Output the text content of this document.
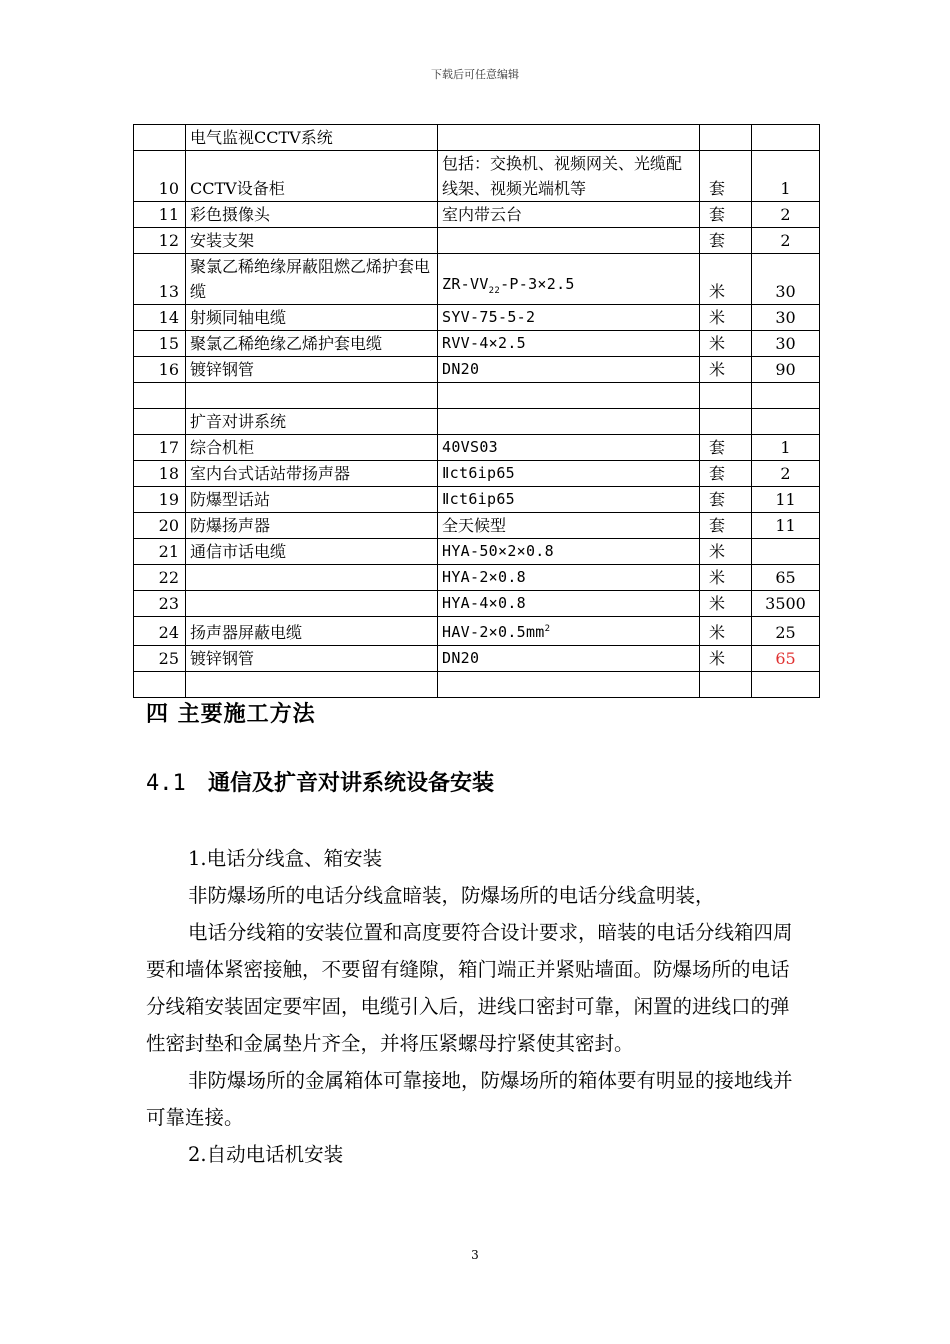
下载后可任意编辑
	电气监视CCTV系统			
10	CCTV设备柜	包括：交换机、视频网关、光缆配线架、视频光端机等	套	1
11	彩色摄像头	室内带云台	套	2
12	安装支架		套	2
13	聚氯乙稀绝缘屏蔽阻燃乙烯护套电缆	$ZR-VV_{22}-P-3\times 2.5$	米	30
14	射频同轴电缆	SYV-75-5-2	米	30
15	聚氯乙稀绝缘乙烯护套电缆	RVV-4×2.5	米	30
16	镀锌钢管	DN20	米	90

	扩音对讲系统			
17	综合机柜	40VS03	套	1
18	室内台式话站带扬声器	Ⅱct6ip65	套	2
19	防爆型话站	Ⅱct6ip65	套	11
20	防爆扬声器	全天候型	套	11
21	通信市话电缆	HYA-50×2×0.8	米	
22		HYA-2×0.8	米	65
23		HYA-4×0.8	米	3500
24	扬声器屏蔽电缆	HAV-$2\times 0.5mm^2$	米	25
25	镀锌钢管	DN20	米	65

四 主要施工方法
4.1 通信及扩音对讲系统设备安装

1.电话分线盒、箱安装

非防爆场所的电话分线盒暗装，防爆场所的电话分线盒明装，

电话分线箱的安装位置和高度要符合设计要求，暗装的电话分线箱四周要和墙体紧密接触，不要留有缝隙，箱门端正并紧贴墙面。防爆场所的电话分线箱安装固定要牢固，电缆引入后，进线口密封可靠，闲置的进线口的弹性密封垫和金属垫片齐全，并将压紧螺母拧紧使其密封。

非防爆场所的金属箱体可靠接地，防爆场所的箱体要有明显的接地线并可靠连接。

2.自动电话机安装

3
